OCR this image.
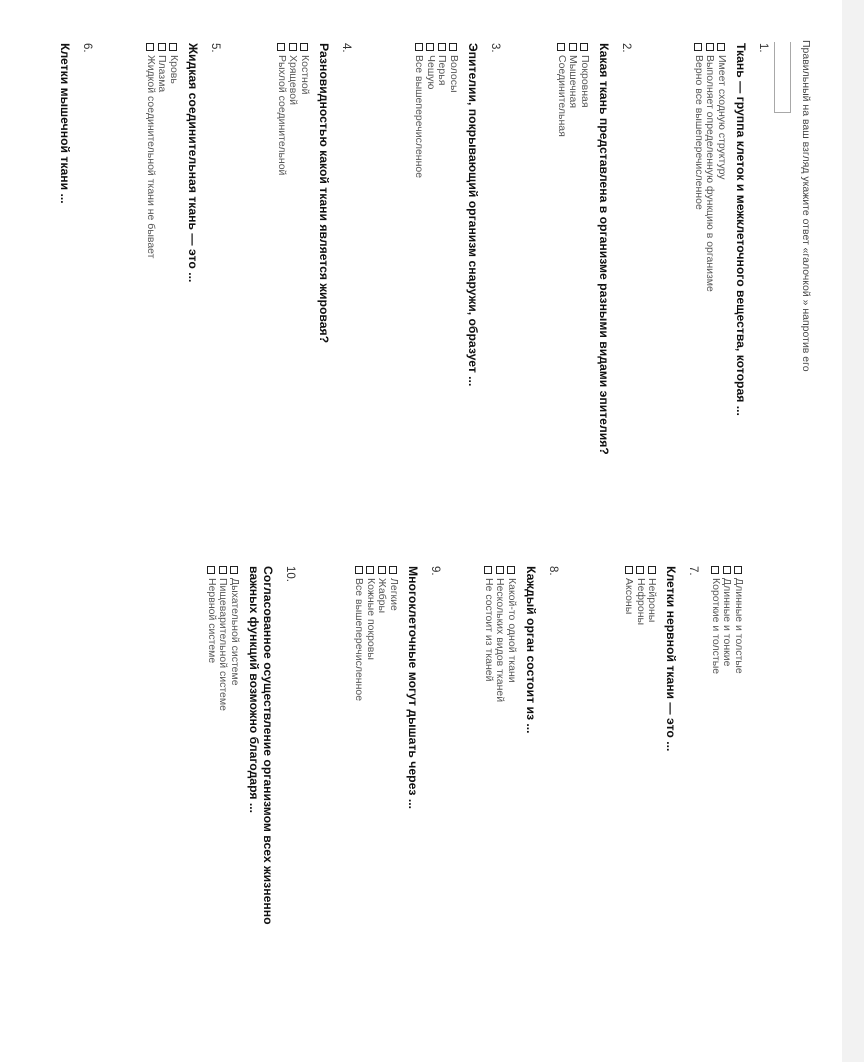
Правильный на ваш взгляд укажите ответ «галочкой » напротив его
1.
Ткань — группа клеток и межклеточного вещества, которая ...
Имеет сходную структуру
Выполняет определенную функцию в организме
Верно все вышеперечисленное
2.
Какая ткань представлена в организме разными видами эпителия?
Покровная
Мышечная
Соединительная
3.
Эпителии, покрывающий организм снаружи, образует ...
Волосы
Перья
Чешую
Все вышеперечисленное
4.
Разновидностью какой ткани является жировая?
Костной
Хрящевой
Рыхлой соединительной
5.
Жидкая соединительная ткань — это ...
Кровь
Плазма
Жидкой соединительной ткани не бывает
6.
Клетки мышечной ткани ...
Длинные и толстые
Длинные и тонкие
Короткие и толстые
7.
Клетки нервной ткани — это ...
Нейроны
Нефроны
Аксоны
8.
Каждый орган состоит из ...
Какой-то одной ткани
Нескольких видов тканей
Не состоит из тканей
9.
Многоклеточные могут дышать через ...
Легкие
Жабры
Кожные покровы
Все вышеперечисленное
10.
Согласованное осуществление организмом всех жизненно важных функций возможно благодаря ...
Дыхательной системе
Пищеварительной системе
Нервной системе
